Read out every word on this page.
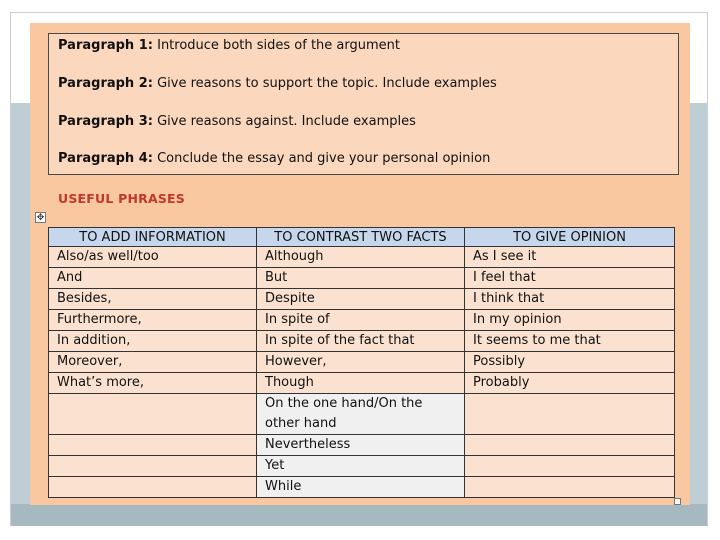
Paragraph 1: Introduce both sides of the argument
Paragraph 2: Give reasons to support the topic. Include examples
Paragraph 3: Give reasons against. Include examples
Paragraph 4: Conclude the essay and give your personal opinion
USEFUL PHRASES
✥
TO ADD INFORMATION	TO CONTRAST TWO FACTS	TO GIVE OPINION
Also/as well/too	Although	As I see it
And	But	I feel that
Besides,	Despite	I think that
Furthermore,	In spite of	In my opinion
In addition,	In spite of the fact that	It seems to me that
Moreover,	However,	Possibly
What’s more,	Though	Probably
	On the one hand/On the other hand	
	Nevertheless	
	Yet	
	While	
